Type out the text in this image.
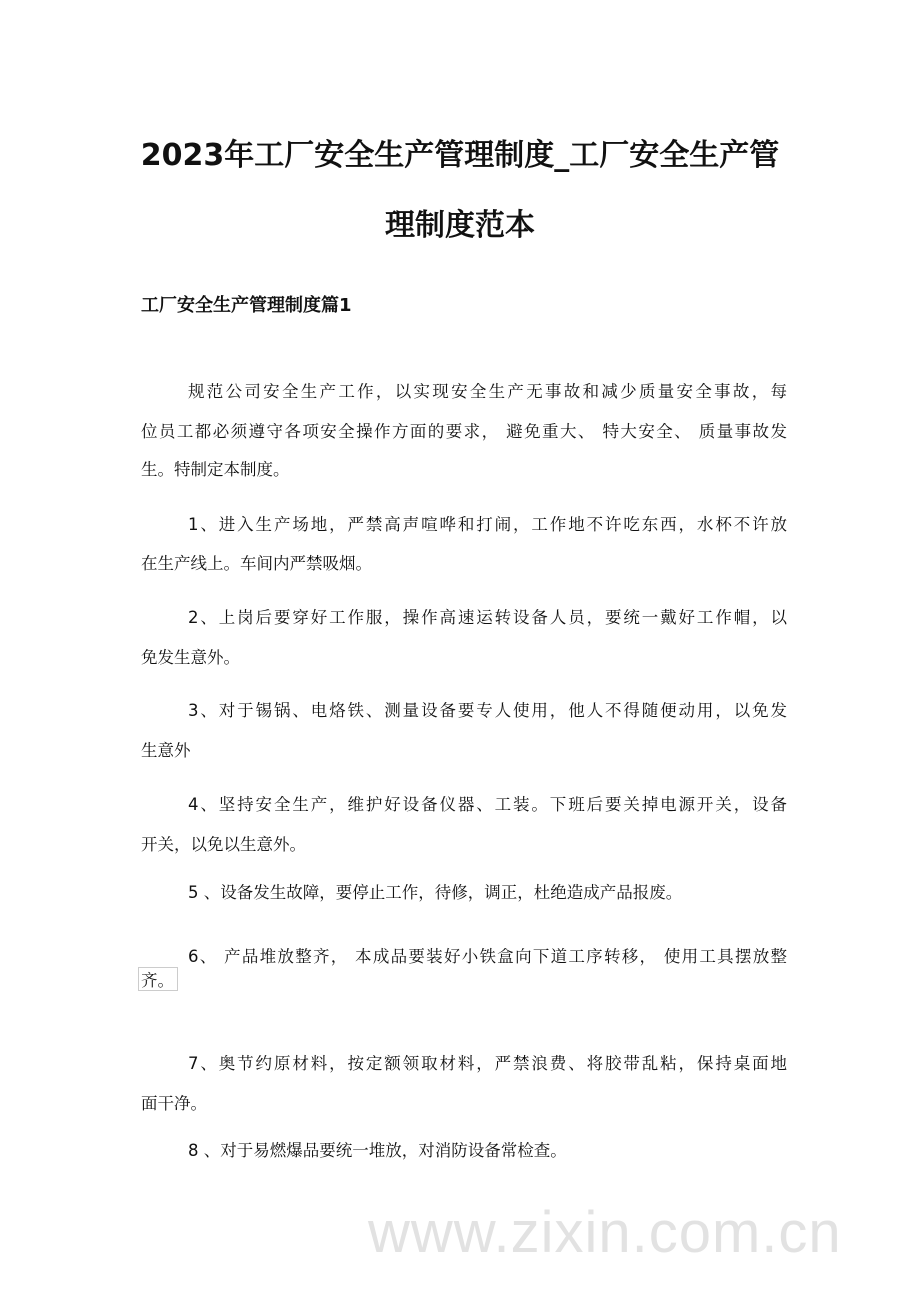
2023年工厂安全生产管理制度_工厂安全生产管
理制度范本
工厂安全生产管理制度篇1
规范公司安全生产工作，以实现安全生产无事故和减少质量安全事故，每
位员工都必须遵守各项安全操作方面的要求， 避免重大、 特大安全、 质量事故发
生。特制定本制度。
1、进入生产场地，严禁高声喧哗和打闹，工作地不许吃东西，水杯不许放
在生产线上。车间内严禁吸烟。
2、上岗后要穿好工作服，操作高速运转设备人员，要统一戴好工作帽，以
免发生意外。
3、对于锡锅、电烙铁、测量设备要专人使用，他人不得随便动用，以免发
生意外
4、坚持安全生产，维护好设备仪器、工装。下班后要关掉电源开关，设备
开关，以免以生意外。
5 、设备发生故障，要停止工作，待修，调正，杜绝造成产品报废。
6、 产品堆放整齐， 本成品要装好小铁盒向下道工序转移， 使用工具摆放整
齐。
7、奥节约原材料，按定额领取材料，严禁浪费、将胶带乱粘，保持桌面地
面干净。
8 、对于易燃爆品要统一堆放，对消防设备常检查。
www.zixin.com.cn
